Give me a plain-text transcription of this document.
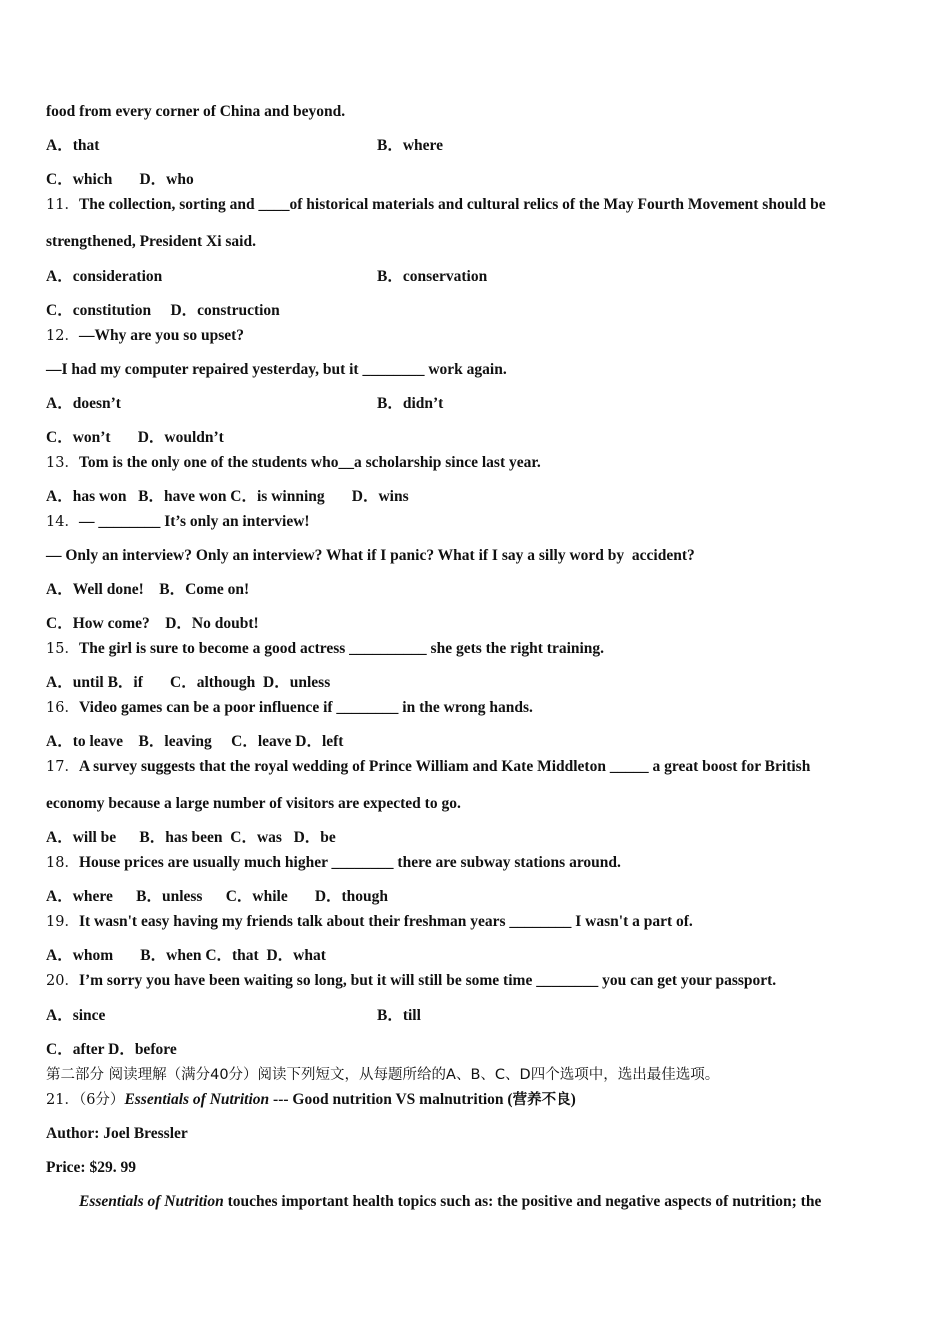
food from every corner of China and beyond.
A．that	B．where
C．which       D．who
11．The collection, sorting and ____of historical materials and cultural relics of the May Fourth Movement should be
strengthened, President Xi said.
A．consideration	B．conservation
C．constitution     D．construction
12．—Why are you so upset?
—I had my computer repaired yesterday, but it ________ work again.
A．doesn’t	B．didn’t
C．won’t       D．wouldn’t
13．Tom is the only one of the students who__a scholarship since last year.
A．has won   B．have won C．is winning       D．wins
14．— ________ It’s only an interview!
— Only an interview? Only an interview? What if I panic? What if I say a silly word by  accident?
A．Well done!    B．Come on!
C．How come?    D．No doubt!
15．The girl is sure to become a good actress __________ she gets the right training.
A．until B．if       C．although  D．unless
16．Video games can be a poor influence if ________ in the wrong hands.
A．to leave    B．leaving     C．leave D．left
17．A survey suggests that the royal wedding of Prince William and Kate Middleton _____ a great boost for British
economy because a large number of visitors are expected to go.
A．will be      B．has been  C．was   D．be
18．House prices are usually much higher ________ there are subway stations around.
A．where      B．unless      C．while       D．though
19．It wasn't easy having my friends talk about their freshman years ________ I wasn't a part of.
A．whom       B．when C．that  D．what
20．I’m sorry you have been waiting so long, but it will still be some time ________ you can get your passport.
A．since	B．till
C．after D．before
第二部分 阅读理解（满分40分）阅读下列短文，从每题所给的A、B、C、D四个选项中，选出最佳选项。
21．（6分）Essentials of Nutrition --- Good nutrition VS malnutrition (营养不良)
Author: Joel Bressler
Price: $29. 99
Essentials of Nutrition touches important health topics such as: the positive and negative aspects of nutrition; the
